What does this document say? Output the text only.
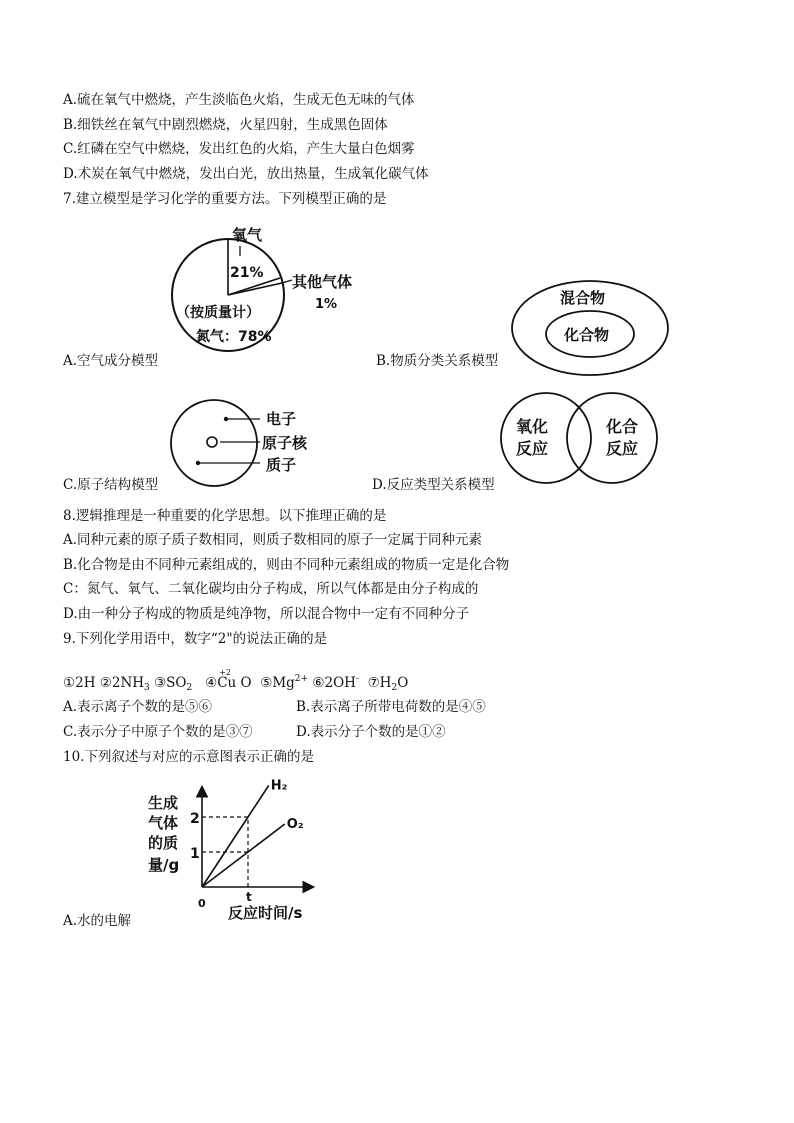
A.硫在氧气中燃烧，产生淡临色火焰，生成无色无味的气体
B.细铁丝在氧气中剧烈燃烧，火星四射，生成黑色固体
C.红磷在空气中燃烧，发出红色的火焰，产生大量白色烟雾
D.术炭在氧气中燃烧，发出白光，放出热量，生成氧化碳气体
7.建立模型是学习化学的重要方法。下列模型正确的是
氧气
21% 其他气体
1%
（按质量计）
氮气：78%
A.空气成分模型
混合物
化合物
B.物质分类关系模型
电子
原子核
质子
C.原子结构模型
氧化
反应
化合
反应
D.反应类型关系模型
8.逻辑推理是一种重要的化学思想。以下推理正确的是
A.同种元素的原子质子数相同，则质子数相同的原子一定属于同种元素
B.化合物是由不同种元素组成的，则由不同种元素组成的物质一定是化合物
C：氮气、氧气、二氧化碳均由分子构成，所以气体都是由分子构成的
D.由一种分子构成的物质是纯净物，所以混合物中一定有不同种分子
9.下列化学用语中，数字“2"的说法正确的是
①2H $②2NH_3$ $③SO_2$ ④
+2
Cu O $⑤Mg^{2+}$ ⑥2OH- $⑦H_2O$
A.表示离子个数的是⑤⑥	B.表示离子所带电荷数的是④⑤
C.表示分子中原子个数的是③⑦	D.表示分子个数的是①②
10.下列叙述与对应的示意图表示正确的是
生成
气体
的质
量/g
0
反应时间/s
1
2
t
H₂
O₂
A.水的电解
